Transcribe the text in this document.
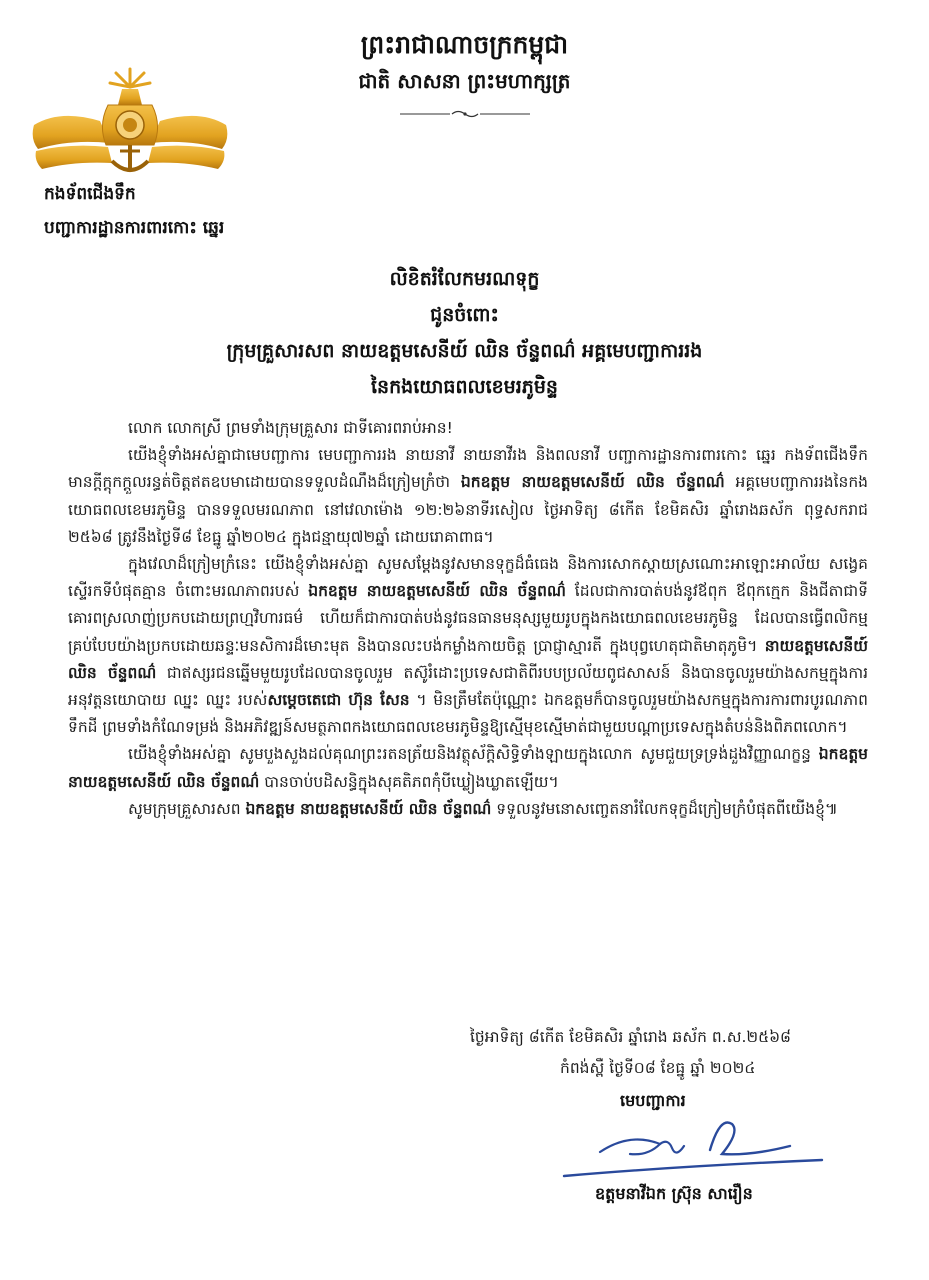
ព្រះរាជាណាចក្រកម្ពុជា
ជាតិ សាសនា ព្រះមហាក្សត្រ
កងទ័ពជើងទឹក
បញ្ជាការដ្ឋានការពារកោះ ឆ្នេរ
លិខិតរំលែកមរណទុក្ខ
ជូនចំពោះ
ក្រុមគ្រួសារសព នាយឧត្តមសេនីយ៍ ឈិន ច័ន្ទពណ៌ អគ្គមេបញ្ជាការរង
នៃកងយោធពលខេមរភូមិន្ទ

លោក លោកស្រី ព្រមទាំងក្រុមគ្រួសារ ជាទីគោរពរាប់អាន!

យើងខ្ញុំទាំងអស់គ្នាជាមេបញ្ជាការ មេបញ្ជាការរង នាយនាវី នាយនាវីរង និងពលនាវី បញ្ជាការដ្ឋានការពារកោះ ឆ្នេរ កងទ័ពជើងទឹក មានក្ដីក្ដុកក្ដួលរន្ធត់ចិត្តឥតឧបមាដោយបានទទួលដំណឹងដ៏ក្រៀមក្រំថា ឯកឧត្តម នាយឧត្តមសេនីយ៍ ឈិន ច័ន្ទពណ៌ អគ្គមេបញ្ជាការរងនៃកងយោធពលខេមរភូមិន្ទ បានទទួលមរណភាព នៅវេលាម៉ោង ១២:២៦នាទីរសៀល ថ្ងៃអាទិត្យ ៨កើត ខែមិគសិរ ឆ្នាំរោងឆស័ក ពុទ្ធសករាជ ២៥៦៨ ត្រូវនឹងថ្ងៃទី៨ ខែធ្នូ ឆ្នាំ២០២៤ ក្នុងជន្មាយុ៧២ឆ្នាំ ដោយរោគាពាធ។

ក្នុងវេលាដ៏ក្រៀមក្រំនេះ យើងខ្ញុំទាំងអស់គ្នា សូមសម្ដែងនូវសមានទុក្ខដ៏ធំធេង និងការសោកស្ដាយស្រណោះអាឡោះអាល័យ សង្វេគស្ទើរកទីបំផុតគ្មាន ចំពោះមរណភាពរបស់ ឯកឧត្តម នាយឧត្តមសេនីយ៍ ឈិន ច័ន្ទពណ៌ ដែលជាការបាត់បង់នូវឪពុក ឪពុកក្មេក និងជីតាជាទីគោរពស្រលាញ់ប្រកបដោយព្រហ្មវិហារធម៌ ហើយក៏ជាការបាត់បង់នូវធនធានមនុស្សមួយរូបក្នុងកងយោធពលខេមរភូមិន្ទ ដែលបានធ្វើពលិកម្មគ្រប់បែបយ៉ាងប្រកបដោយឆន្ទៈមនសិការដ៏មោះមុត និងបានលះបង់កម្លាំងកាយចិត្ត ប្រាជ្ញាស្មារតី ក្នុងបុព្វហេតុជាតិមាតុភូមិ។ នាយឧត្តមសេនីយ៍ ឈិន ច័ន្ទពណ៌ ជាឥស្សរជនឆ្នើមមួយរូបដែលបានចូលរួម តស៊ូរំដោះប្រទេសជាតិពីរបបប្រល័យពូជសាសន៍ និងបានចូលរួមយ៉ាងសកម្មក្នុងការអនុវត្តនយោបាយ ឈ្នះ ឈ្នះ របស់សម្ដេចតេជោ ហ៊ុន សែន ។ មិនត្រឹមតែប៉ុណ្ណោះ ឯកឧត្តមក៏បានចូលរួមយ៉ាងសកម្មក្នុងការការពារបូរណភាពទឹកដី ព្រមទាំងកំណែទម្រង់ និងអភិវឌ្ឍន៍សមត្ថភាពកងយោធពលខេមរភូមិន្ទឱ្យស្មើមុខស្មើមាត់ជាមួយបណ្ដាប្រទេសក្នុងតំបន់និងពិភពលោក។

យើងខ្ញុំទាំងអស់គ្នា សូមបួងសួងដល់គុណព្រះរតនត្រ័យនិងវត្ថុស័ក្តិសិទ្ធិទាំងឡាយក្នុងលោក សូមជួយទ្រទ្រង់ដួងវិញ្ញាណក្ខន្ធ ឯកឧត្តម នាយឧត្តមសេនីយ៍ ឈិន ច័ន្ទពណ៌ បានចាប់បដិសន្ធិក្នុងសុគតិភពកុំបីឃ្លៀងឃ្លាតឡើយ។

សូមក្រុមគ្រួសារសព ឯកឧត្តម នាយឧត្តមសេនីយ៍ ឈិន ច័ន្ទពណ៌ ទទួលនូវមនោសញ្ចេតនារំលែកទុក្ខដ៏ក្រៀមក្រំបំផុតពីយើងខ្ញុំ៕

ថ្ងៃអាទិត្យ ៨កើត ខែមិគសិរ ឆ្នាំរោង ឆស័ក ព.ស.២៥៦៨
កំពង់ស្ពឺ ថ្ងៃទី០៨ ខែធ្នូ ឆ្នាំ ២០២៤
មេបញ្ជាការ
ឧត្តមនាវីឯក ស្រ៊ុន សារឿន
